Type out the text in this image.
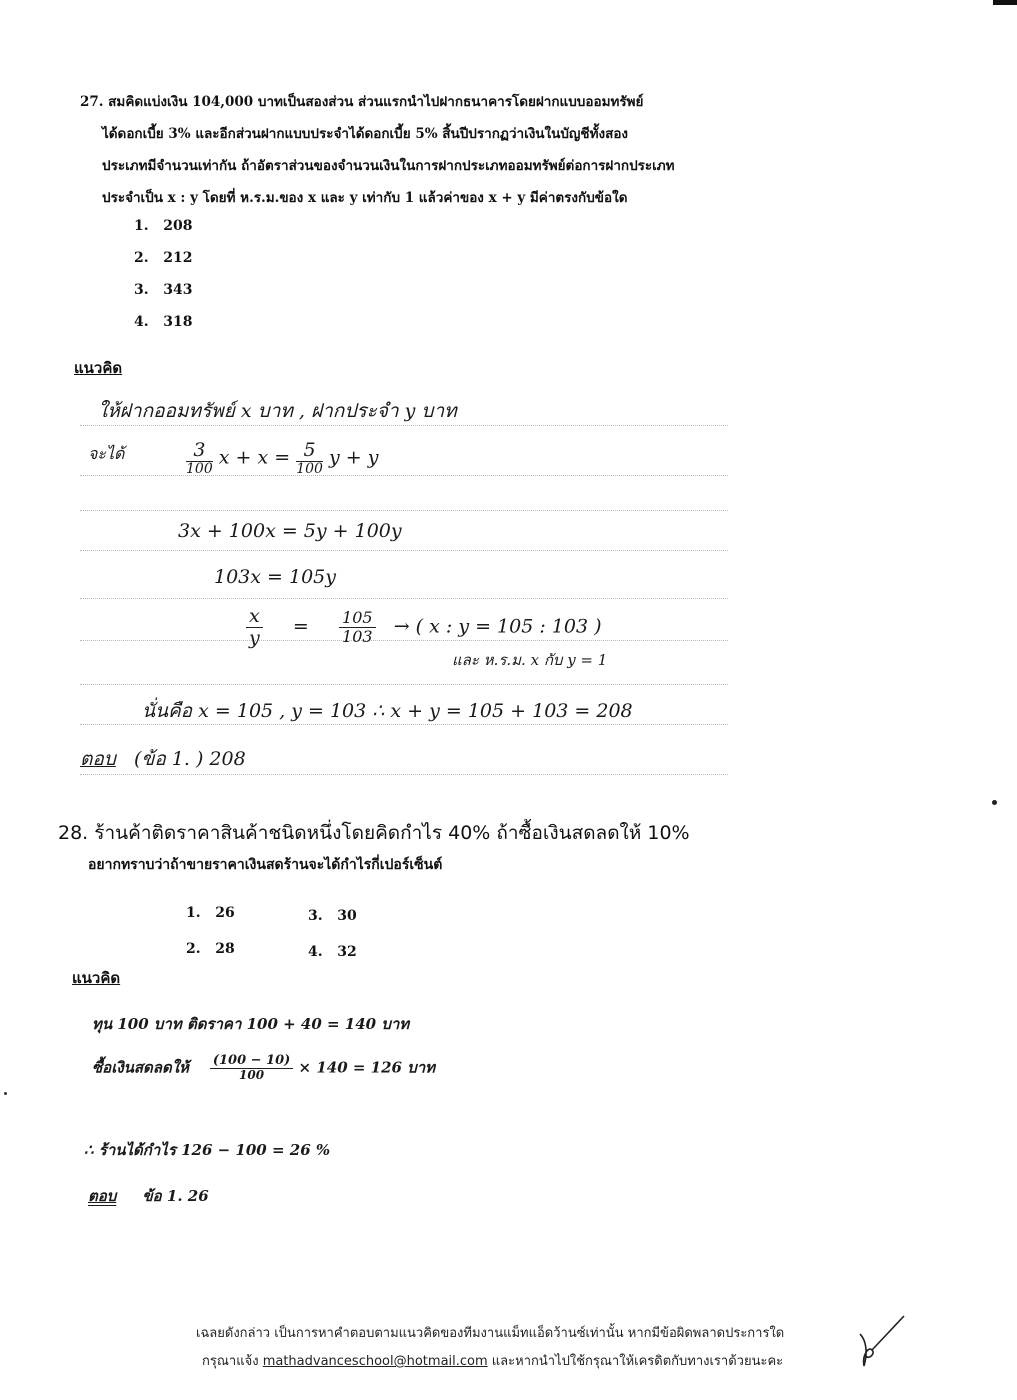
27. สมคิดแบ่งเงิน 104,000 บาทเป็นสองส่วน ส่วนแรกนำไปฝากธนาคารโดยฝากแบบออมทรัพย์
ได้ดอกเบี้ย 3% และอีกส่วนฝากแบบประจำได้ดอกเบี้ย 5% สิ้นปีปรากฏว่าเงินในบัญชีทั้งสอง
ประเภทมีจำนวนเท่ากัน ถ้าอัตราส่วนของจำนวนเงินในการฝากประเภทออมทรัพย์ต่อการฝากประเภท
ประจำเป็น x : y โดยที่ ห.ร.ม.ของ x และ y เท่ากับ 1 แล้วค่าของ x + y มีค่าตรงกับข้อใด
1. 208
2. 212
3. 343
4. 318
แนวคิด
ให้ฝากออมทรัพย์ x บาท , ฝากประจำ y บาท
จะได้	$\frac{3}{100}$ $x + x = \frac{5}{100}$ y + y
3x + 100x = 5y + 100y
103x = 105y
$\frac{x}{y} = \frac{105}{103}$ → ( x : y = 105 : 103 )
และ ห.ร.ม. x กับ y = 1
นั่นคือ x = 105 , y = 103 ∴ x + y = 105 + 103 = 208
ตอบ (ข้อ 1. ) 208
28. ร้านค้าติดราคาสินค้าชนิดหนึ่งโดยคิดกำไร 40% ถ้าซื้อเงินสดลดให้ 10%
อยากทราบว่าถ้าขายราคาเงินสดร้านจะได้กำไรกี่เปอร์เซ็นต์
1. 26	3. 30
2. 28	4. 32
แนวคิด
ทุน 100 บาท ติดราคา 100 + 40 = 140 บาท
ซื้อเงินสดลดให้ $\frac{(100 - 10)}{100} \times 140 = 126$ บาท
∴ ร้านได้กำไร 126 − 100 = 26 %
ตอบ ข้อ 1. 26
เฉลยดังกล่าว เป็นการหาคำตอบตามแนวคิดของทีมงานแม็ทแอ็ดว้านซ์เท่านั้น หากมีข้อผิดพลาดประการใด
กรุณาแจ้ง mathadvanceschool@hotmail.com และหากนำไปใช้กรุณาให้เครดิตกับทางเราด้วยนะคะ
